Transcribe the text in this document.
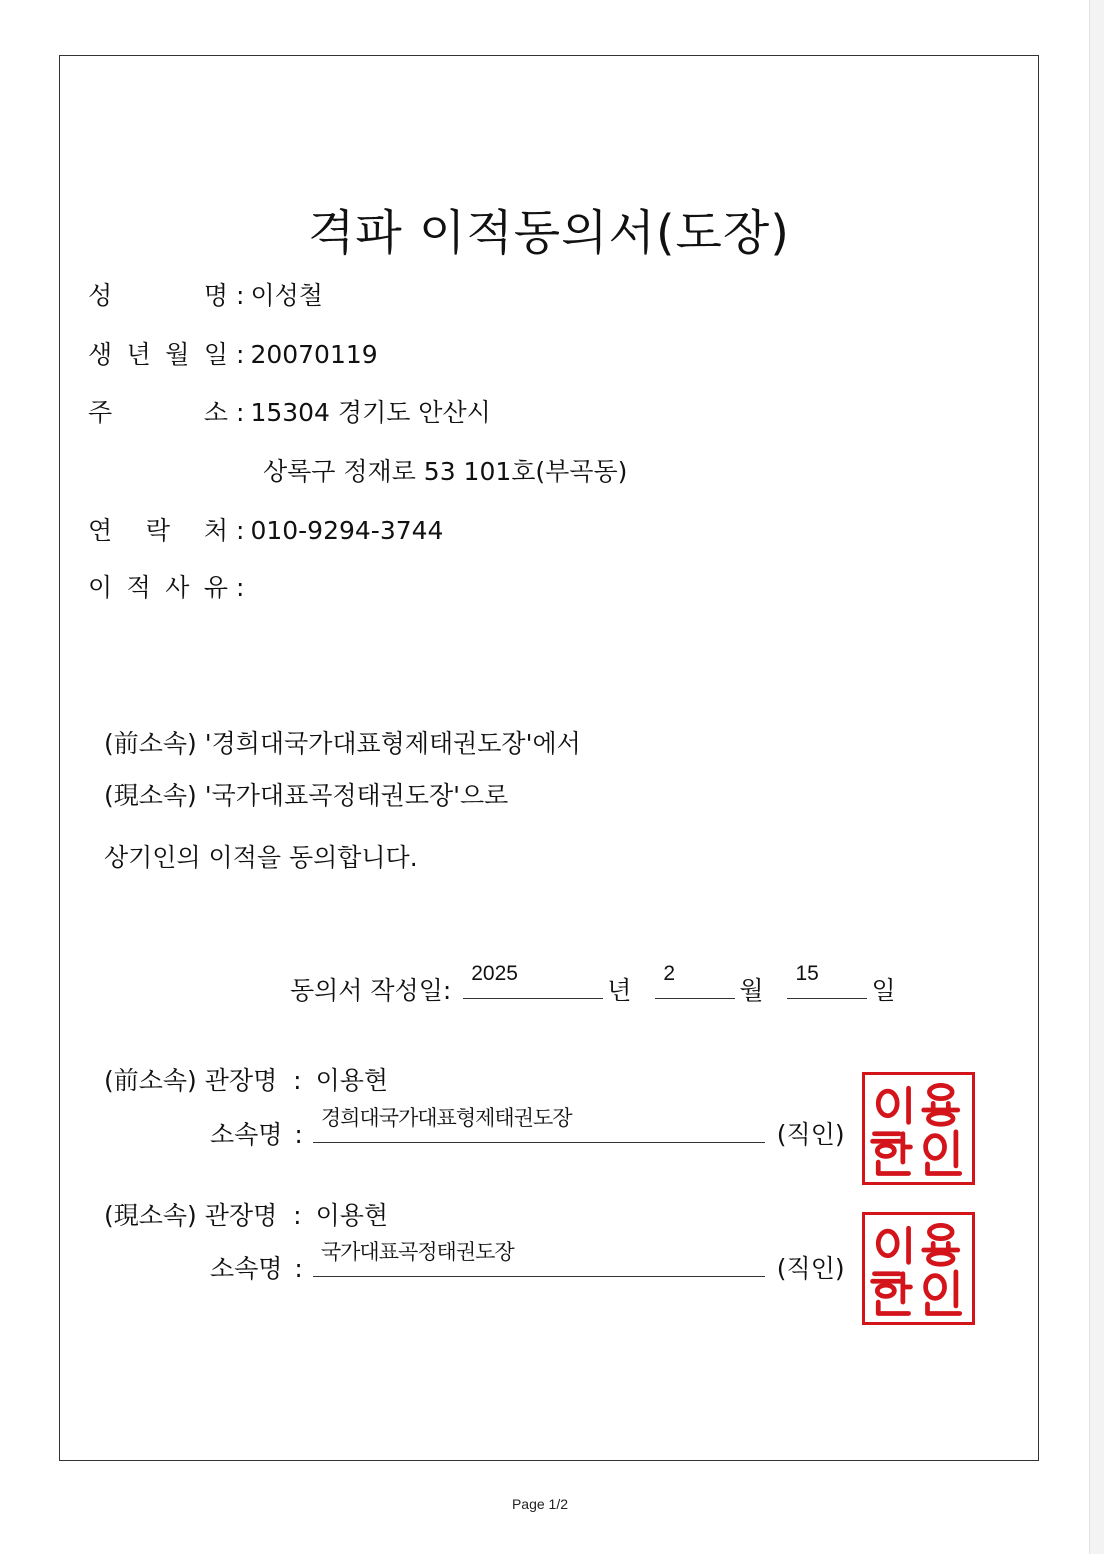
격파 이적동의서(도장)
성 명 : 이성철
생 년 월 일 : 20070119
주 소 : 15304 경기도 안산시
상록구 정재로 53 101호(부곡동)
연 락 처 : 010-9294-3744
이 적 사 유 :
(前소속) '경희대국가대표형제태권도장'에서
(現소속) '국가대표곡정태권도장'으로
상기인의 이적을 동의합니다.
동의서 작성일:
2025
년
2
월
15
일
(前소속) 관장명 : 이용현
소속명 :
경희대국가대표형제태권도장
(직인)
(現소속) 관장명 : 이용현
소속명 :
국가대표곡정태권도장
(직인)
Page 1/2
